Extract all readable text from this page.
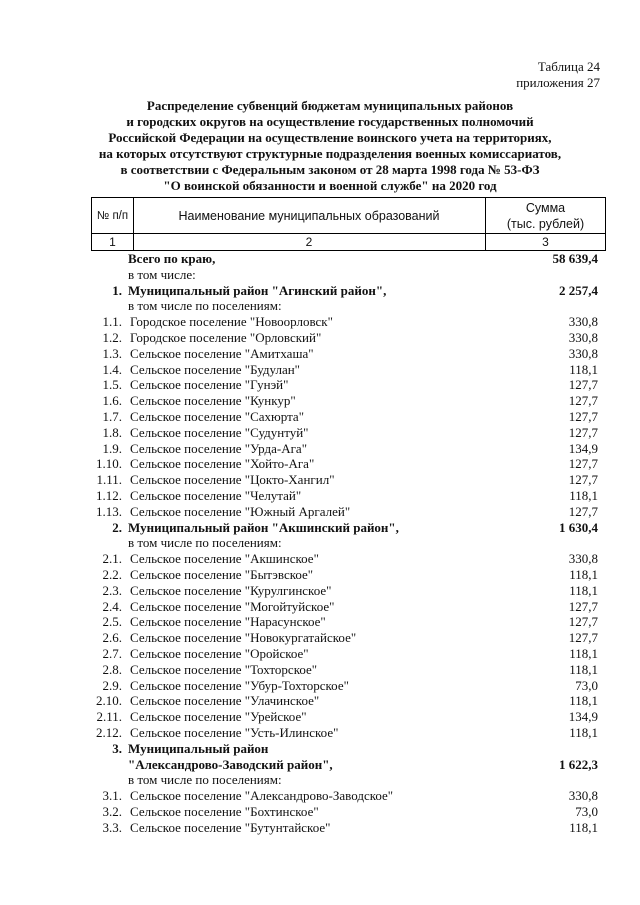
Таблица 24
приложения 27
Распределение субвенций бюджетам муниципальных районов
и городских округов на осуществление государственных полномочий
Российской Федерации на осуществление воинского учета на территориях,
на которых отсутствуют структурные подразделения военных комиссариатов,
в соответствии с Федеральным законом от 28 марта 1998 года № 53-ФЗ
"О воинской обязанности и военной службе" на 2020 год
№ п/п	Наименование муниципальных образований
Сумма
(тыс. рублей)
1	2	3
Всего по краю,	58 639,4
в том числе:
1. Муниципальный район "Агинский район",	2 257,4
в том числе по поселениям:
1.1. Городское поселение "Новоорловск"	330,8
1.2. Городское поселение "Орловский"	330,8
1.3. Сельское поселение "Амитхаша"	330,8
1.4. Сельское поселение "Будулан"	118,1
1.5. Сельское поселение "Гунэй"	127,7
1.6. Сельское поселение "Кункур"	127,7
1.7. Сельское поселение "Сахюрта"	127,7
1.8. Сельское поселение "Судунтуй"	127,7
1.9. Сельское поселение "Урда-Ага"	134,9
1.10. Сельское поселение "Хойто-Ага"	127,7
1.11. Сельское поселение "Цокто-Хангил"	127,7
1.12. Сельское поселение "Челутай"	118,1
1.13. Сельское поселение "Южный Аргалей"	127,7
2. Муниципальный район "Акшинский район",	1 630,4
в том числе по поселениям:
2.1. Сельское поселение "Акшинское"	330,8
2.2. Сельское поселение "Бытэвское"	118,1
2.3. Сельское поселение "Курулгинское"	118,1
2.4. Сельское поселение "Могойтуйское"	127,7
2.5. Сельское поселение "Нарасунское"	127,7
2.6. Сельское поселение "Новокургатайское"	127,7
2.7. Сельское поселение "Оройское"	118,1
2.8. Сельское поселение "Тохторское"	118,1
2.9. Сельское поселение "Убур-Тохторское"	73,0
2.10. Сельское поселение "Улачинское"	118,1
2.11. Сельское поселение "Урейское"	134,9
2.12. Сельское поселение "Усть-Илинское"	118,1
3. Муниципальный район
"Александрово-Заводский район",	1 622,3
в том числе по поселениям:
3.1. Сельское поселение "Александрово-Заводское"	330,8
3.2. Сельское поселение "Бохтинское"	73,0
3.3. Сельское поселение "Бутунтайское"	118,1
